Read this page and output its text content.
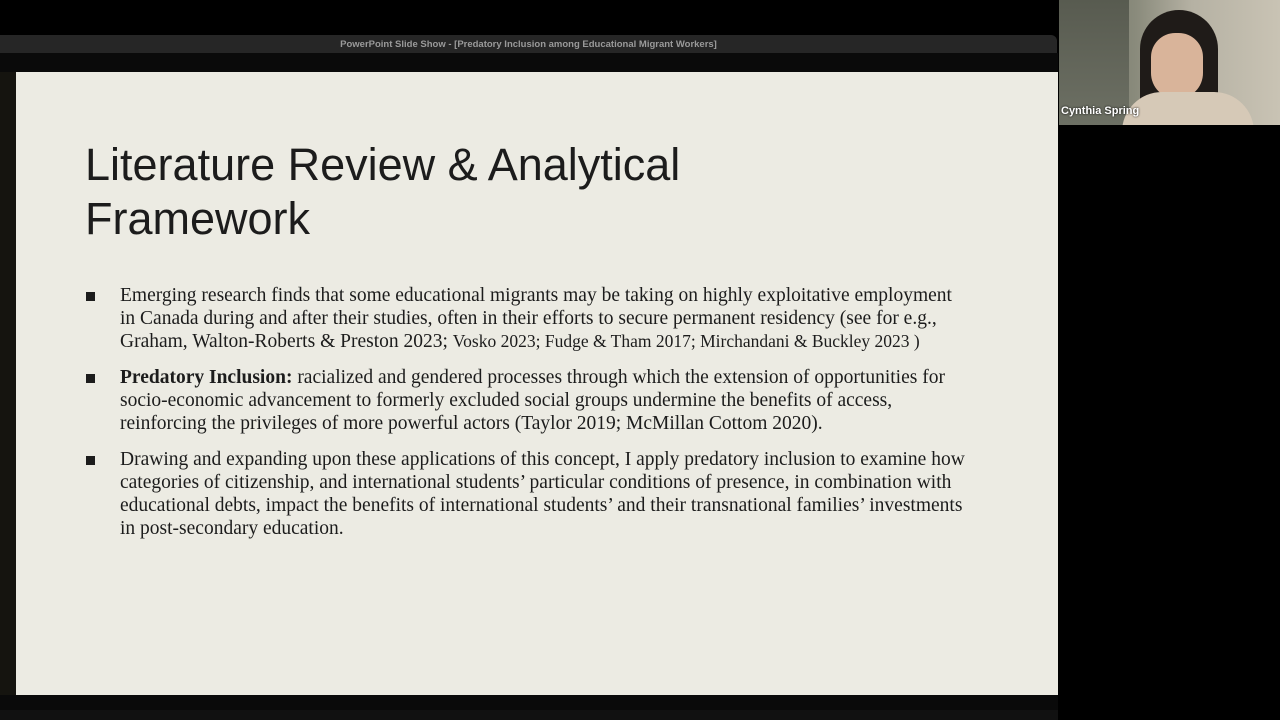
PowerPoint Slide Show - [Predatory Inclusion among Educational Migrant Workers]
Literature Review & Analytical
Framework
Emerging research finds that some educational migrants may be taking on highly exploitative employment in Canada during and after their studies, often in their efforts to secure permanent residency (see for e.g., Graham, Walton-Roberts & Preston 2023; Vosko 2023; Fudge & Tham 2017; Mirchandani & Buckley 2023 )
Predatory Inclusion: racialized and gendered processes through which the extension of opportunities for socio-economic advancement to formerly excluded social groups undermine the benefits of access, reinforcing the privileges of more powerful actors (Taylor 2019; McMillan Cottom 2020).
Drawing and expanding upon these applications of this concept, I apply predatory inclusion to examine how categories of citizenship, and international students’ particular conditions of presence, in combination with educational debts, impact the benefits of international students’ and their transnational families’ investments in post-secondary education.
Cynthia Spring
